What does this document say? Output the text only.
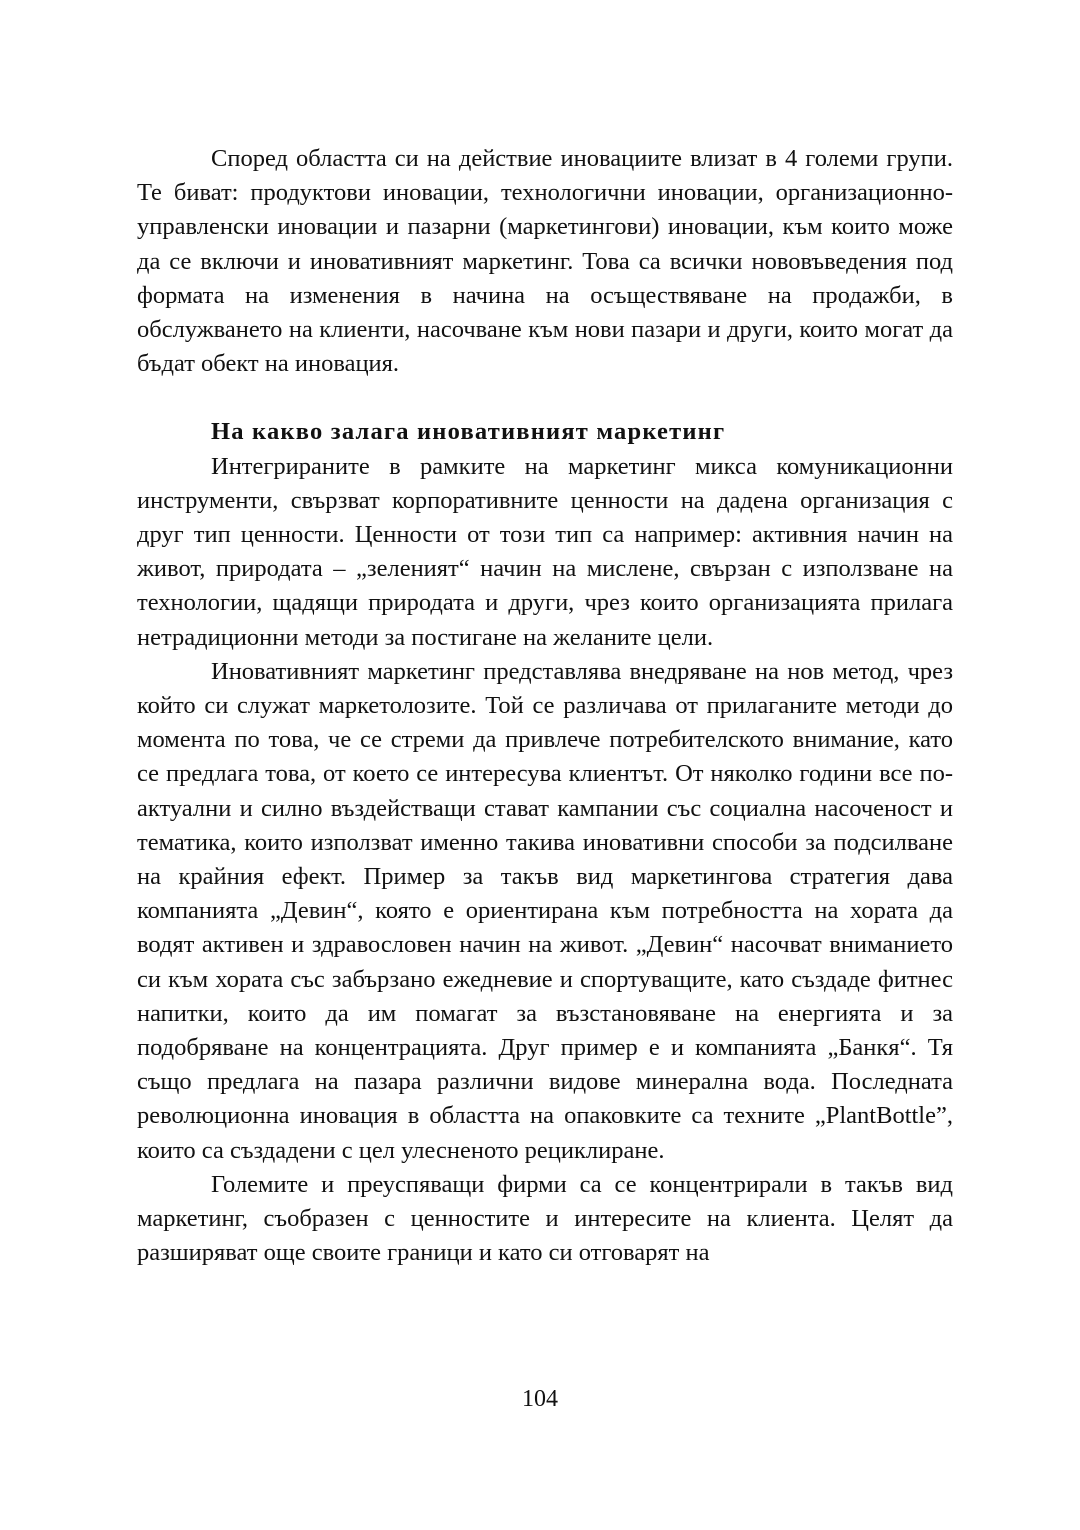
Според областта си на действие иновациите влизат в 4 големи групи. Те биват: продуктови иновации, технологични иновации, организационно-управленски иновации и пазарни (маркетингови) иновации, към които може да се включи и иновативният маркетинг. Това са всички нововъведения под формата на изменения в начина на осъществяване на продажби, в обслужването на клиенти, насочване към нови пазари и други, които могат да бъдат обект на иновация.

На какво залага иновативният маркетинг

Интегрираните в рамките на маркетинг микса комуникационни инструменти, свързват корпоративните ценности на дадена организация с друг тип ценности. Ценности от този тип са например: активния начин на живот, природата – „зеленият“ начин на мислене, свързан с използване на технологии, щадящи природата и други, чрез които организацията прилага нетрадиционни методи за постигане на желаните цели.

Иновативният маркетинг представлява внедряване на нов метод, чрез който си служат маркетолозите. Той се различава от прилаганите методи до момента по това, че се стреми да привлече потребителското внимание, като се предлага това, от което се интересува клиентът. От няколко години все по-актуални и силно въздействащи стават кампании със социална насоченост и тематика, които използват именно такива иновативни способи за подсилване на крайния ефект. Пример за такъв вид маркетингова стратегия дава компанията „Девин“, която е ориентирана към потребността на хората да водят активен и здравословен начин на живот. „Девин“ насочват вниманието си към хората със забързано ежедневие и спортуващите, като създаде фитнес напитки, които да им помагат за възстановяване на енергията и за подобряване на концентрацията. Друг пример е и компанията „Банкя“. Тя също предлага на пазара различни видове минерална вода. Последната революционна иновация в областта на опаковките са техните „PlantBottle”, които са създадени с цел улесненото рециклиране.

Големите и преуспяващи фирми са се концентрирали в такъв вид маркетинг, съобразен с ценностите и интересите на клиента. Целят да разширяват още своите граници и като си отговарят на

104
